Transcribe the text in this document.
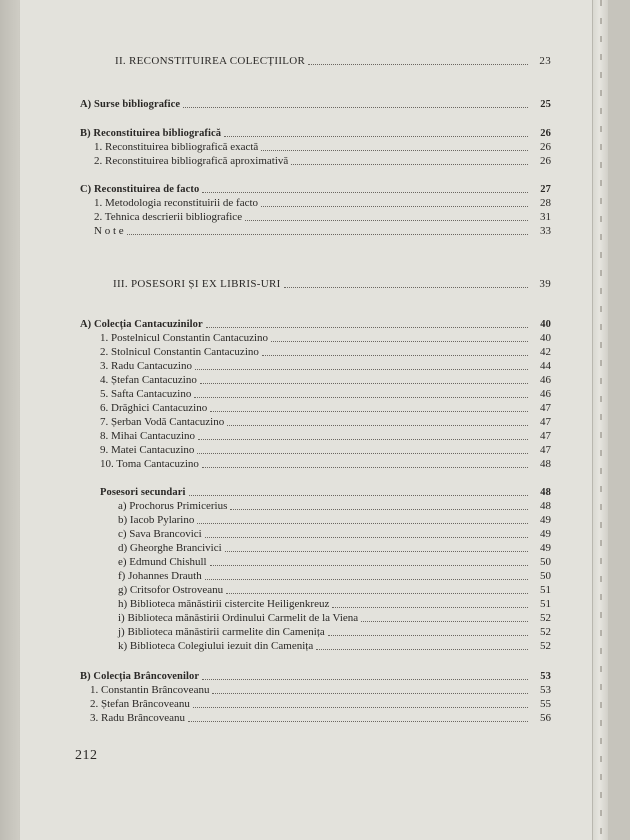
II. RECONSTITUIREA COLECȚIILOR	23
A) Surse bibliografice	25
B) Reconstituirea bibliografică	26
1. Reconstituirea bibliografică exactă	26
2. Reconstituirea bibliografică aproximativă	26
C) Reconstituirea de facto	27
1. Metodologia reconstituirii de facto	28
2. Tehnica descrierii bibliografice	31
N o t e	33
III. POSESORI ȘI EX LIBRIS-URI	39
A) Colecția Cantacuzinilor	40
1. Postelnicul Constantin Cantacuzino	40
2. Stolnicul Constantin Cantacuzino	42
3. Radu Cantacuzino	44
4. Ștefan Cantacuzino	46
5. Safta Cantacuzino	46
6. Drăghici Cantacuzino	47
7. Șerban Vodă Cantacuzino	47
8. Mihai Cantacuzino	47
9. Matei Cantacuzino	47
10. Toma Cantacuzino	48
Posesori secundari	48
a) Prochorus Primicerius	48
b) Iacob Pylarino	49
c) Sava Brancovici	49
d) Gheorghe Brancivici	49
e) Edmund Chishull	50
f) Johannes Drauth	50
g) Critsofor Ostroveanu	51
h) Biblioteca mănăstirii cistercite Heiligenkreuz	51
i) Biblioteca mănăstirii Ordinului Carmelit de la Viena	52
j) Biblioteca mănăstirii carmelite din Camenița	52
k) Biblioteca Colegiului iezuit din Camenița	52
B) Colecția Brâncovenilor	53
1. Constantin Brâncoveanu	53
2. Ștefan Brâncoveanu	55
3. Radu Brâncoveanu	56
212
